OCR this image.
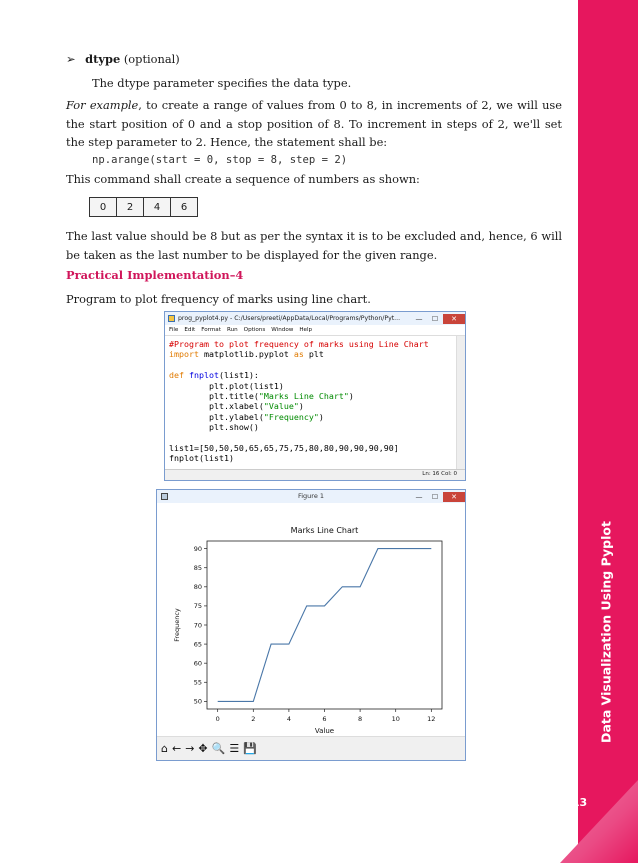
➢ dtype (optional)
The dtype parameter specifies the data type.
For example, to create a range of values from 0 to 8, in increments of 2, we will use the start position of 0 and a stop position of 8. To increment in steps of 2, we'll set the step parameter to 2. Hence, the statement shall be:
np.arange(start = 0, stop = 8, step = 2)
This command shall create a sequence of numbers as shown:
0	2	4	6
The last value should be 8 but as per the syntax it is to be excluded and, hence, 6 will be taken as the last number to be displayed for the given range.
Practical Implementation–4
Program to plot frequency of marks using line chart.
prog_pyplot4.py - C:/Users/preeti/AppData/Local/Programs/Python/Pyt...	—	☐	✕
File Edit Format Run Options Window Help
#Program to plot frequency of marks using Line Chart
import matplotlib.pyplot as plt

def fnplot(list1):
plt.plot(list1)
plt.title("Marks Line Chart")
plt.xlabel("Value")
plt.ylabel("Frequency")
plt.show()

list1=[50,50,50,65,65,75,75,80,80,90,90,90,90]
fnplot(list1)
Ln: 16 Col: 0
Figure 1	—	☐	✕
Marks Line Chart
Value
Frequency
0	2	4	6	8	10	12
50
55
60
65
70
75
80
85
90
⌂ ← → ✥ 🔍 ☰ 💾
Data Visualization Using Pyplot
2.13
